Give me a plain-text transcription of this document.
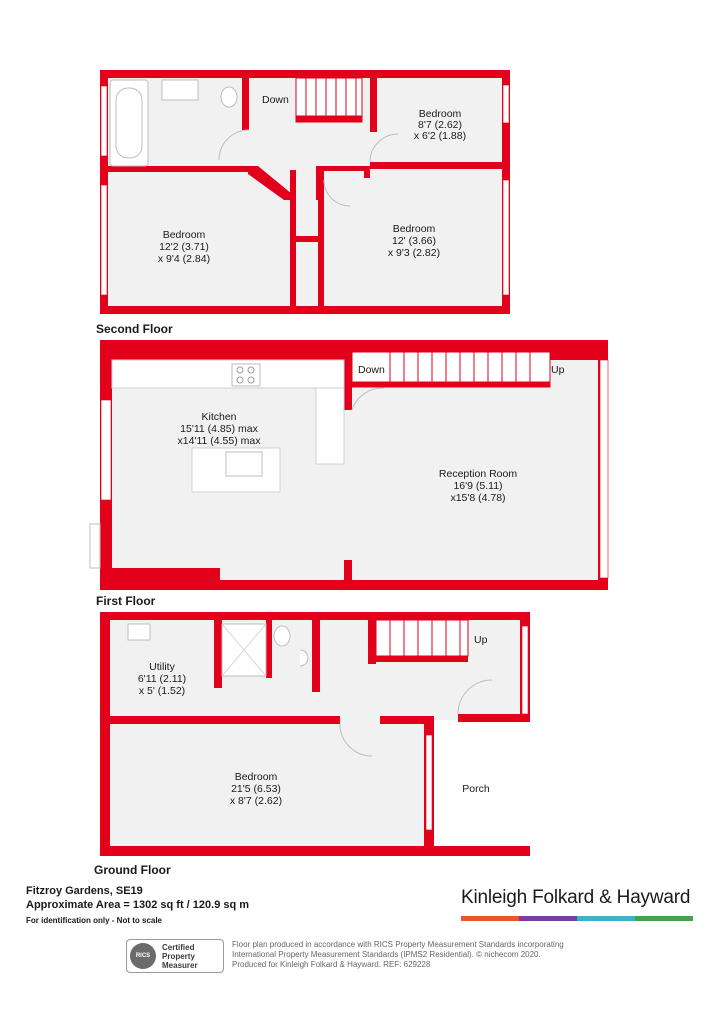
Down
Bedroom
8'7 (2.62)
x 6'2 (1.88)
Bedroom
12'2 (3.71)
x 9'4 (2.84)
Bedroom
12' (3.66)
x 9'3 (2.82)
Down	Up
Kitchen
15'11 (4.85) max
x14'11 (4.55) max
Reception Room
16'9 (5.11)
x15'8 (4.78)
Up
Utility
6'11 (2.11)
x 5' (1.52)
Bedroom
21'5 (6.53)
x 8'7 (2.62)
Porch
Second Floor
First Floor
Ground Floor
Fitzroy Gardens, SE19
Approximate Area = 1302 sq ft / 120.9 sq m
For identification only - Not to scale
Kinleigh Folkard & Hayward
RICS
Certified
Property
Measurer
Floor plan produced in accordance with RICS Property Measurement Standards incorporating
International Property Measurement Standards (IPMS2 Residential). © nichecom 2020.
Produced for Kinleigh Folkard & Hayward. REF: 629228
